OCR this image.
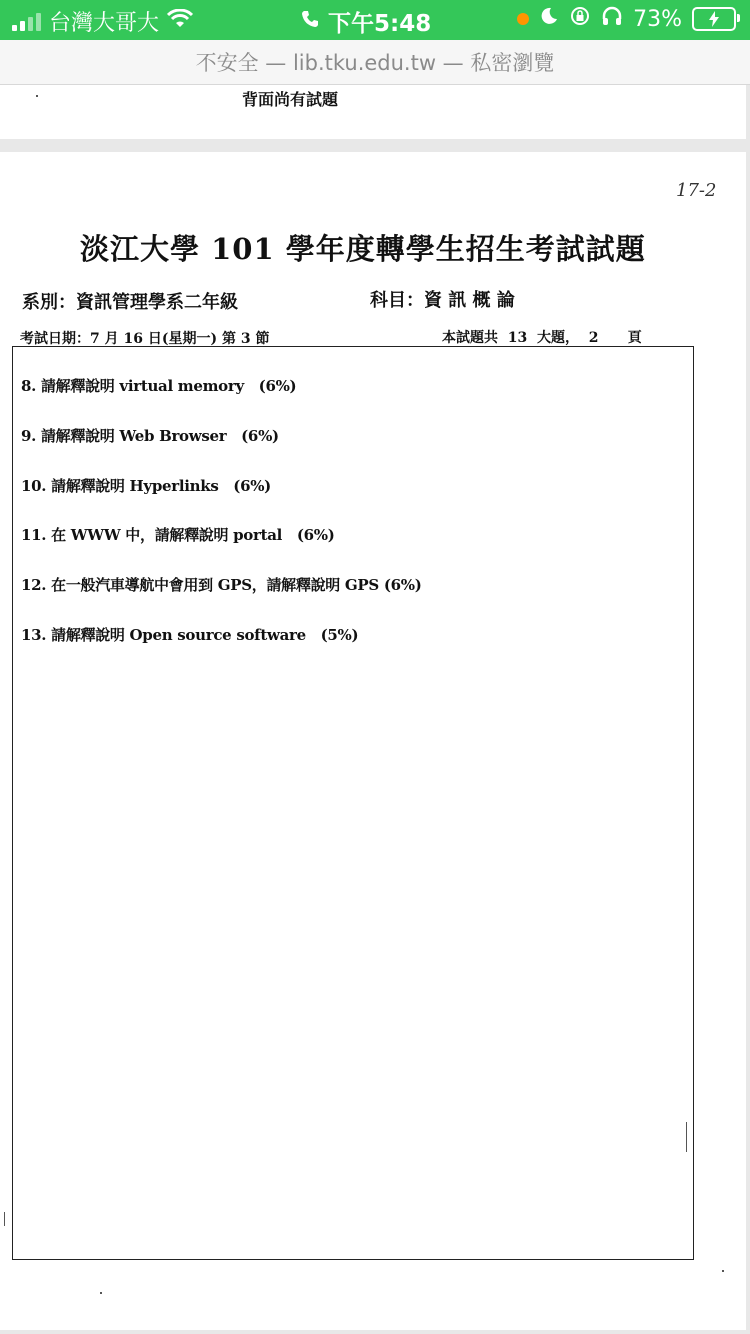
台灣大哥大	下午5:48	73%
不安全 — lib.tku.edu.tw — 私密瀏覽
背面尚有試題
17-2
淡江大學 101 學年度轉學生招生考試試題
系別：資訊管理學系二年級	科目：資 訊 概 論
考試日期：7 月 16 日(星期一) 第 3 節	本試題共  13  大題，  2      頁
8. 請解釋說明 virtual memory   (6%)
9. 請解釋說明 Web Browser   (6%)
10. 請解釋說明 Hyperlinks   (6%)
11. 在 WWW 中，請解釋說明 portal   (6%)
12. 在一般汽車導航中會用到 GPS，請解釋說明 GPS (6%)
13. 請解釋說明 Open source software   (5%)
